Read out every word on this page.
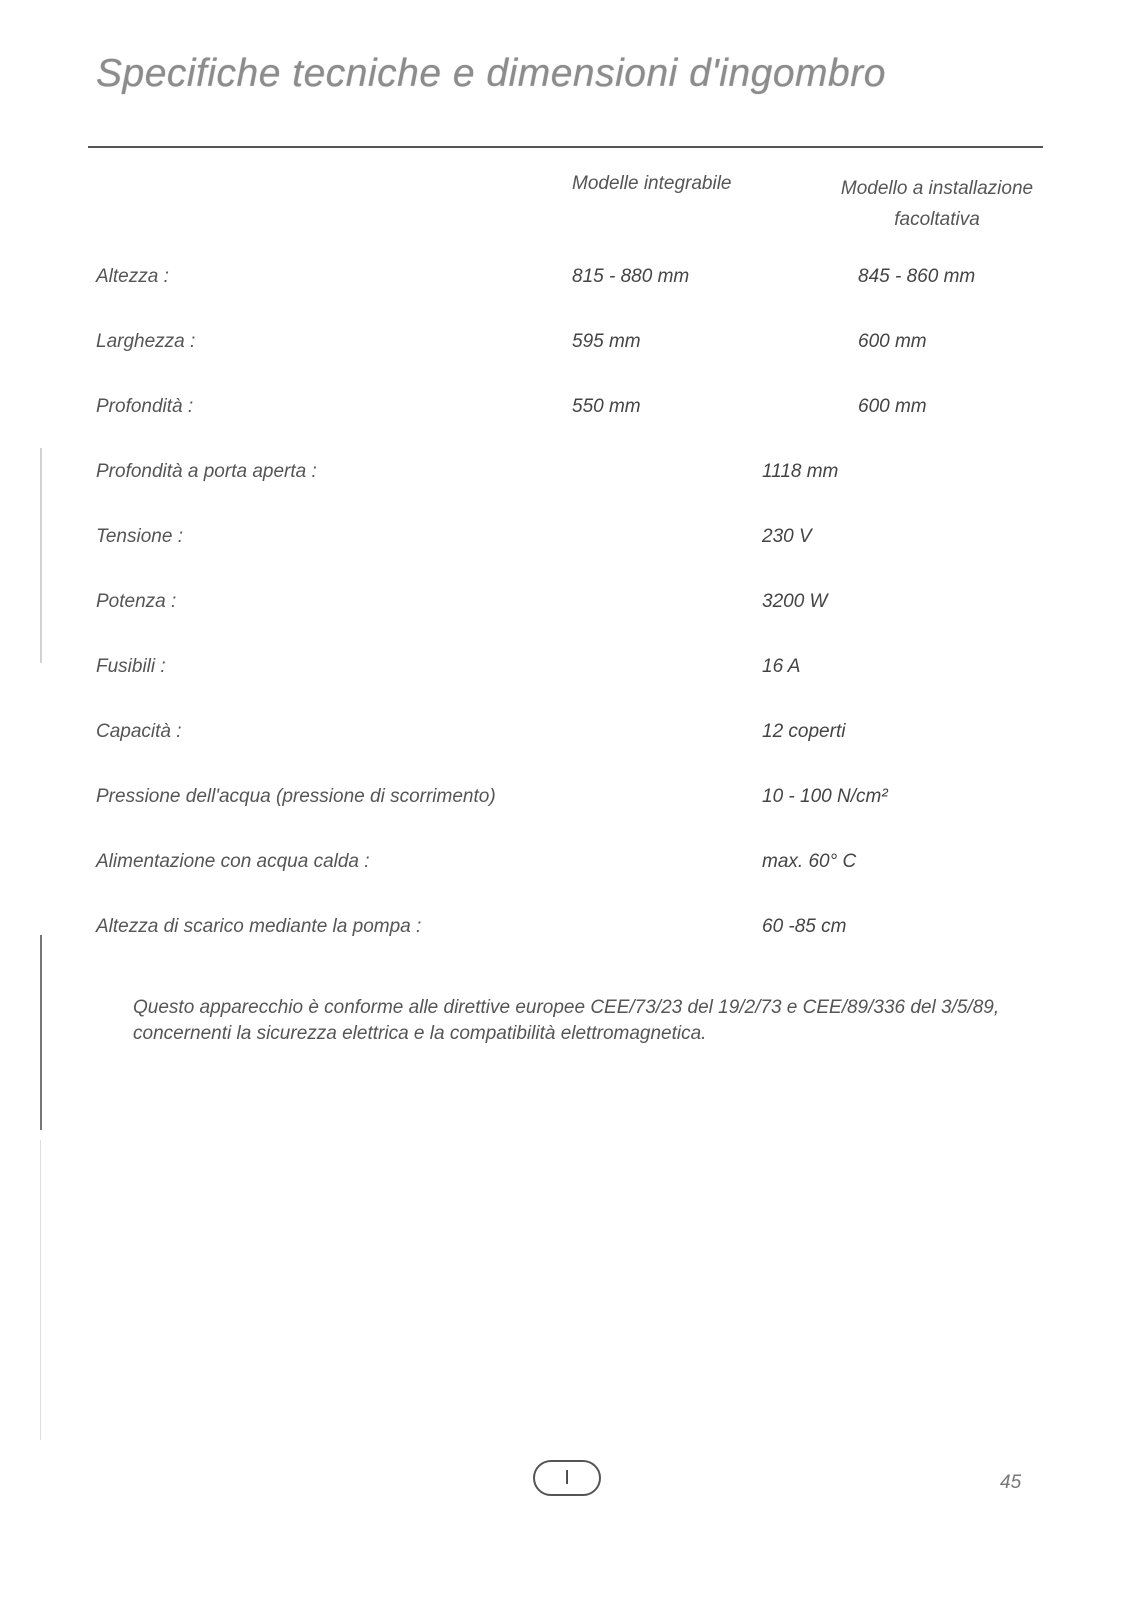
Specifiche tecniche e dimensioni d'ingombro
Modelle integrabile	Modello a installazione
facoltativa
Altezza :	815 - 880 mm	845 - 860 mm
Larghezza :	595 mm	600 mm
Profondità :	550 mm	600 mm
Profondità a porta aperta :	1118 mm
Tensione :	230 V
Potenza :	3200 W
Fusibili :	16 A
Capacità :	12 coperti
Pressione dell'acqua (pressione di scorrimento)	10 - 100 N/cm²
Alimentazione con acqua calda :	max. 60° C
Altezza di scarico mediante la pompa :	60 -85 cm

Questo apparecchio è conforme alle direttive europee CEE/73/23 del 19/2/73 e CEE/89/336 del 3/5/89, concernenti la sicurezza elettrica e la compatibilità elettromagnetica.

I	45
